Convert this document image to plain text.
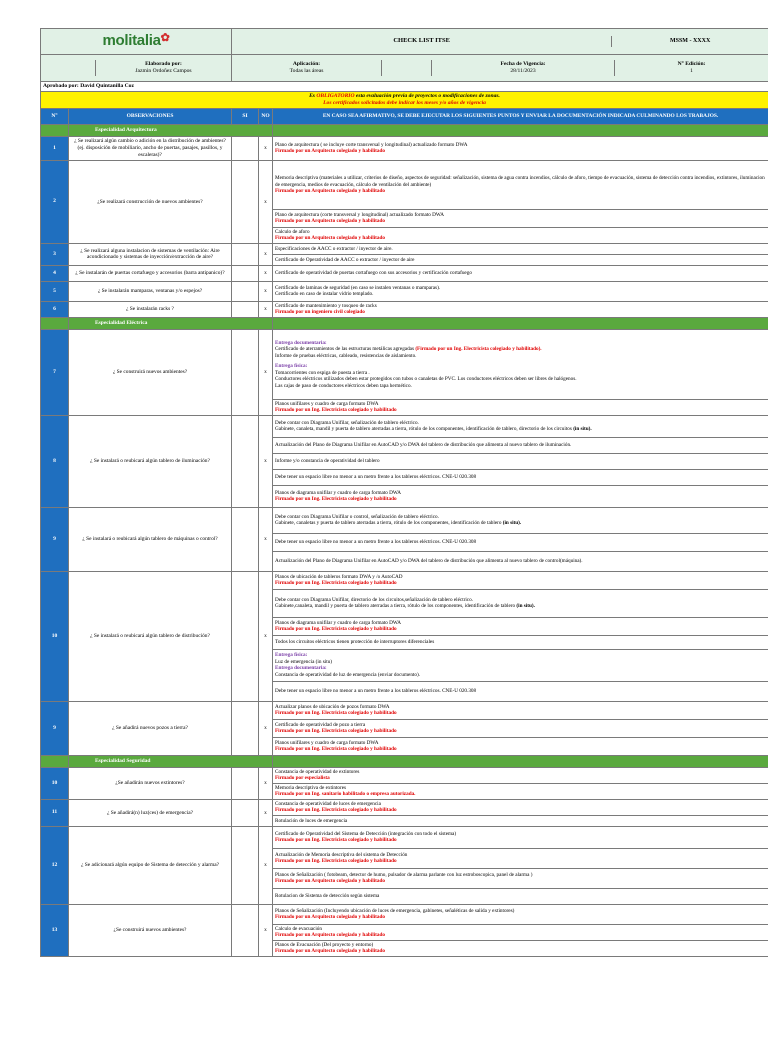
molitalia✿		CHECK LIST ITSE	MSSM - XXXX

Elaborado por:
Jazmin Ordoñez Campos

Aplicación:
Todas las áreas

Fecha de Vigencia:
28/11/2023

N° Edición:
1

Aprobado por: David Quintanilla Coz

Es OBLIGATORIO esta evaluación previa de proyectos o modificaciones de zonas.
Los certificados solicitados debe indicar los meses y/o años de vigencia

N°	OBSERVACIONES	SI	NO	EN CASO SEA AFIRMATIVO, SE DEBE EJECUTAR LOS SIGUIENTES PUNTOS Y ENVIAR LA DOCUMENTACIÓN INDICADA CULMINANDO LOS TRABAJOS.
	Especialidad Arquitectura	
1	¿ Se realizará algún cambio o adición en la distribución de ambientes? (ej. disposición de mobiliario, ancho de puertas, pasajes, pasillos, y escaleras)?		x	
Plano de arquitectura ( se incluye corte transversal y longitudinal) actualizado formato DWA
Firmado por un Arquitecto colegiado y habilitado

2	¿Se realizará construcción de nuevos ambientes?		x	
Memoria descriptiva (materiales a utilizar, criterios de diseño, aspectos de seguridad: señalización, sistema de agua contra incendios, cálculo de aforo, tiempo de evacuación, sistema de detección contra incendios, extintores, iluminacion de emergencia, medios de evacuación, cálculo de ventilación del ambiente)
Firmado por un Arquitecto colegiado y habilitado

Plano de arquitectura (corte transversal y longitudinal) actualizado formato DWA
Firmado por un Arquitecto colegiado y habilitado

Calculo de aforo
Firmado por un Arquitecto colegiado y habilitado

3	¿ Se realizará alguna instalacion de sistemas de ventilación: Aire acondicionado y sistemas de inyección/extracción de aire?		x	Especificaciones de AACC o extractor / inyector de aire.
Certificado de Operatividad de AACC o extractor / inyector de aire
4	¿ Se instalarán de puertas cortafuego y accesorios (barra antipanico)?		x	Certificado de operatividad de puertas cortafuego con sus accesorios y certificación cortafuego
5	¿ Se instalarán mamparas, ventanas y/o espejos?		x	
Certificado de laminas de seguridad (en caso se instalen ventanas o mamparas).
Certificado en caso de instalar vidrio templado.

6	¿ Se instalarán racks ?		x	
Certificado de mantenimiento y tosqueo de racks
Firmado por un ingeniero civil colegiado

	Especialidad Eléctrica	
7	¿ Se construirá nuevos ambientes?		x	
Entrega documentaria:
Certificado de aterramientos de las estructuras metálicas agregadas (Firmado por un Ing. Electricista colegiado y habilitado).
Informe de pruebas eléctricas, cableado, resistencias de aislamiento.
Entrega física:
Tomacorrientes con espiga de puesta a tierra .
Conductores eléctricos utilizados deben estar protegidos con tubos o canaletas de PVC. Los conductores eléctricos deben ser libres de halógenos.
Las cajas de paso de conductores eléctricos deben tapa hermético.

Planos unifilares y cuadro de carga formato DWA
Firmado por un Ing. Electricista colegiado y habilitado

8	¿ Se instalará o reubicará algún tablero de iluminación?		x	
Debe contar con Diagrama Unifilar, señalización de tablero eléctrico.
Gabinete, canaleta, mandil y puerta de tablero aterradas a tierra, rótulo de los componentes, identificación de tablero, directorio de los circuitos (in situ).

Actualización del Plano de Diagrama Unifilar en AutoCAD y/o DWA del tablero de distribución que alimenta al nuevo tablero de iluminación.
Informe y/o constancia de operatividad del tablero
Debe tener un espacio libre no menor a un metro frente a los tableros eléctricos. CNE-U 020.308

Planos de diagrama unifilar y cuadro de carga formato DWA
Firmado por un Ing. Electricista colegiado y habilitado

9	¿ Se instalará o reubicará algún tablero de máquinas o control?		x	
Debe contar con Diagrama Unifilar o control, señalización de tablero eléctrico.
Gabinete, canaletas y puerta de tablero aterradas a tierra, rótulo de los componentes, identificación de tablero (in situ).

Debe tener un espacio libre no menor a un metro frente a los tableros eléctricos. CNE-U 020.308
Actualización del Plano de Diagrama Unifilar en AutoCAD y/o DWA del tablero de distribución que alimenta al nuevo tablero de control(máquina).
10	¿ Se instalará o reubicará algún tablero de distribución?		x	
Planos de ubicación de tableros formato DWA y /o AutoCAD
Firmado por un Ing. Electricista colegiado y habilitado

Debe contar con Diagrama Unifilar, directorio de los circuitos,señalización de tablero eléctrico.
Gabinete,canaleta, mandil y puerta de tablero aterradas a tierra, rótulo de los componentes, identificación de tablero (in situ).

Planos de diagrama unifilar y cuadro de carga formato DWA
Firmado por un Ing. Electricista colegiado y habilitado

Todos los circuitos eléctricos tienen protección de interruptores diferenciales

Entrega física:
Luz de emergencia (in situ)
Entrega documentaria:
Constancia de operatividad de luz de emergencia (enviar documento).

Debe tener un espacio libre no menor a un metro frente a los tableros eléctricos. CNE-U 020.308
9	¿ Se añadirá nuevos pozos a tierra?		x	
Actualizar planos de ubicación de pozos formato DWA
Firmado por un Ing. Electricista colegiado y habilitado

Certificado de operatividad de pozo a tierra
Firmado por un Ing. Electricista colegiado y habilitado

Planos unifilares y cuadro de carga formato DWA
Firmado por un Ing. Electricista colegiado y habilitado

	Especialidad Seguridad	
10	¿Se añadirán nuevos extintores?		x	
Constancia de operatividad de extintores
Firmado por especialista

Memoria descriptiva de extintores
Firmado por un Ing. sanitario habilitado o empresa autorizada.

11	¿ Se añadirá(n) luz(ces) de emergencia?		x	
Constancia de operatividad de luces de emergencia
Firmado por un Ing. Electricista colegiado y habilitado

Rotulación de luces de emergencia
12	¿ Se adicionará algún equipo de Sistema de detección y alarma?		x	
Certificado de Operatividad del Sistema de Detección (integración con todo el sistema)
Firmado por un Ing. Electricista colegiado y habilitado

Actualización de Memoria descriptiva del sistema de Detección
Firmado por un Ing. Electricista colegiado y habilitado

Planos de Señalización ( fotobeam, detector de humo, pulsador de alarma parlante con luz estroboscopica, panel de alarma )
Firmado por un Arquitecto colegiado y habilitado

Rotulacion de Sistema de detección según sistema
13	¿Se construirá nuevos ambientes?		x	
Planos de Señalización (Incluyendo ubicación de luces de emergencia, gabinetes, señaléticas de salida y extintores)
Firmado por un Arquitecto colegiado y habilitado

Calculo de evacuación
Firmado por un Arquitecto colegiado y habilitado

Planos de Evacuación (Del proyecto y entorno)
Firmado por un Arquitecto colegiado y habilitado
